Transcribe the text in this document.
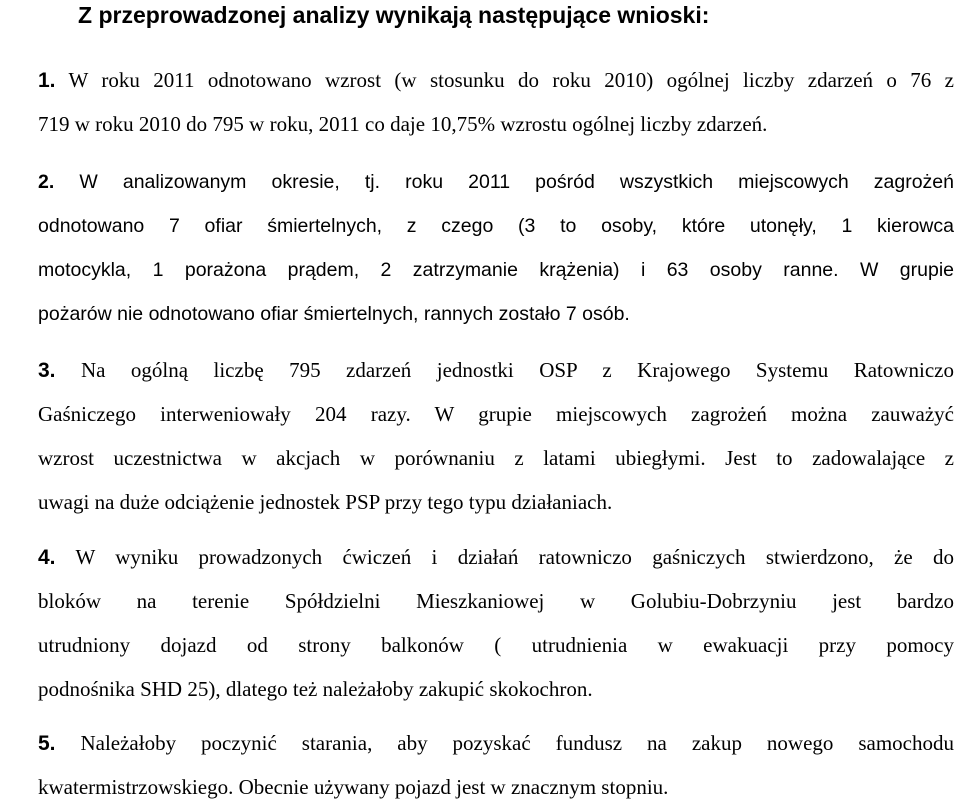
Z przeprowadzonej analizy wynikają następujące wnioski:
1. W roku 2011 odnotowano wzrost (w stosunku do roku 2010) ogólnej liczby zdarzeń o 76 z
719 w roku 2010 do 795 w roku, 2011 co daje 10,75% wzrostu ogólnej liczby zdarzeń.
2. W analizowanym okresie, tj. roku 2011 pośród wszystkich miejscowych zagrożeń
odnotowano 7 ofiar śmiertelnych, z czego (3 to osoby, które utonęły, 1 kierowca
motocykla, 1 porażona prądem, 2 zatrzymanie krążenia) i 63 osoby ranne. W grupie
pożarów nie odnotowano ofiar śmiertelnych, rannych zostało 7 osób.
3. Na ogólną liczbę 795 zdarzeń jednostki OSP z Krajowego Systemu Ratowniczo
Gaśniczego interweniowały 204 razy. W grupie miejscowych zagrożeń można zauważyć
wzrost uczestnictwa w akcjach w porównaniu z latami ubiegłymi. Jest to zadowalające z
uwagi na duże odciążenie jednostek PSP przy tego typu działaniach.
4. W wyniku prowadzonych ćwiczeń i działań ratowniczo gaśniczych stwierdzono, że do
bloków na terenie Spółdzielni Mieszkaniowej w Golubiu-Dobrzyniu jest bardzo
utrudniony dojazd od strony balkonów ( utrudnienia w ewakuacji przy pomocy
podnośnika SHD 25), dlatego też należałoby zakupić skokochron.
5. Należałoby poczynić starania, aby pozyskać fundusz na zakup nowego samochodu
kwatermistrzowskiego. Obecnie używany pojazd jest w znacznym stopniu.
